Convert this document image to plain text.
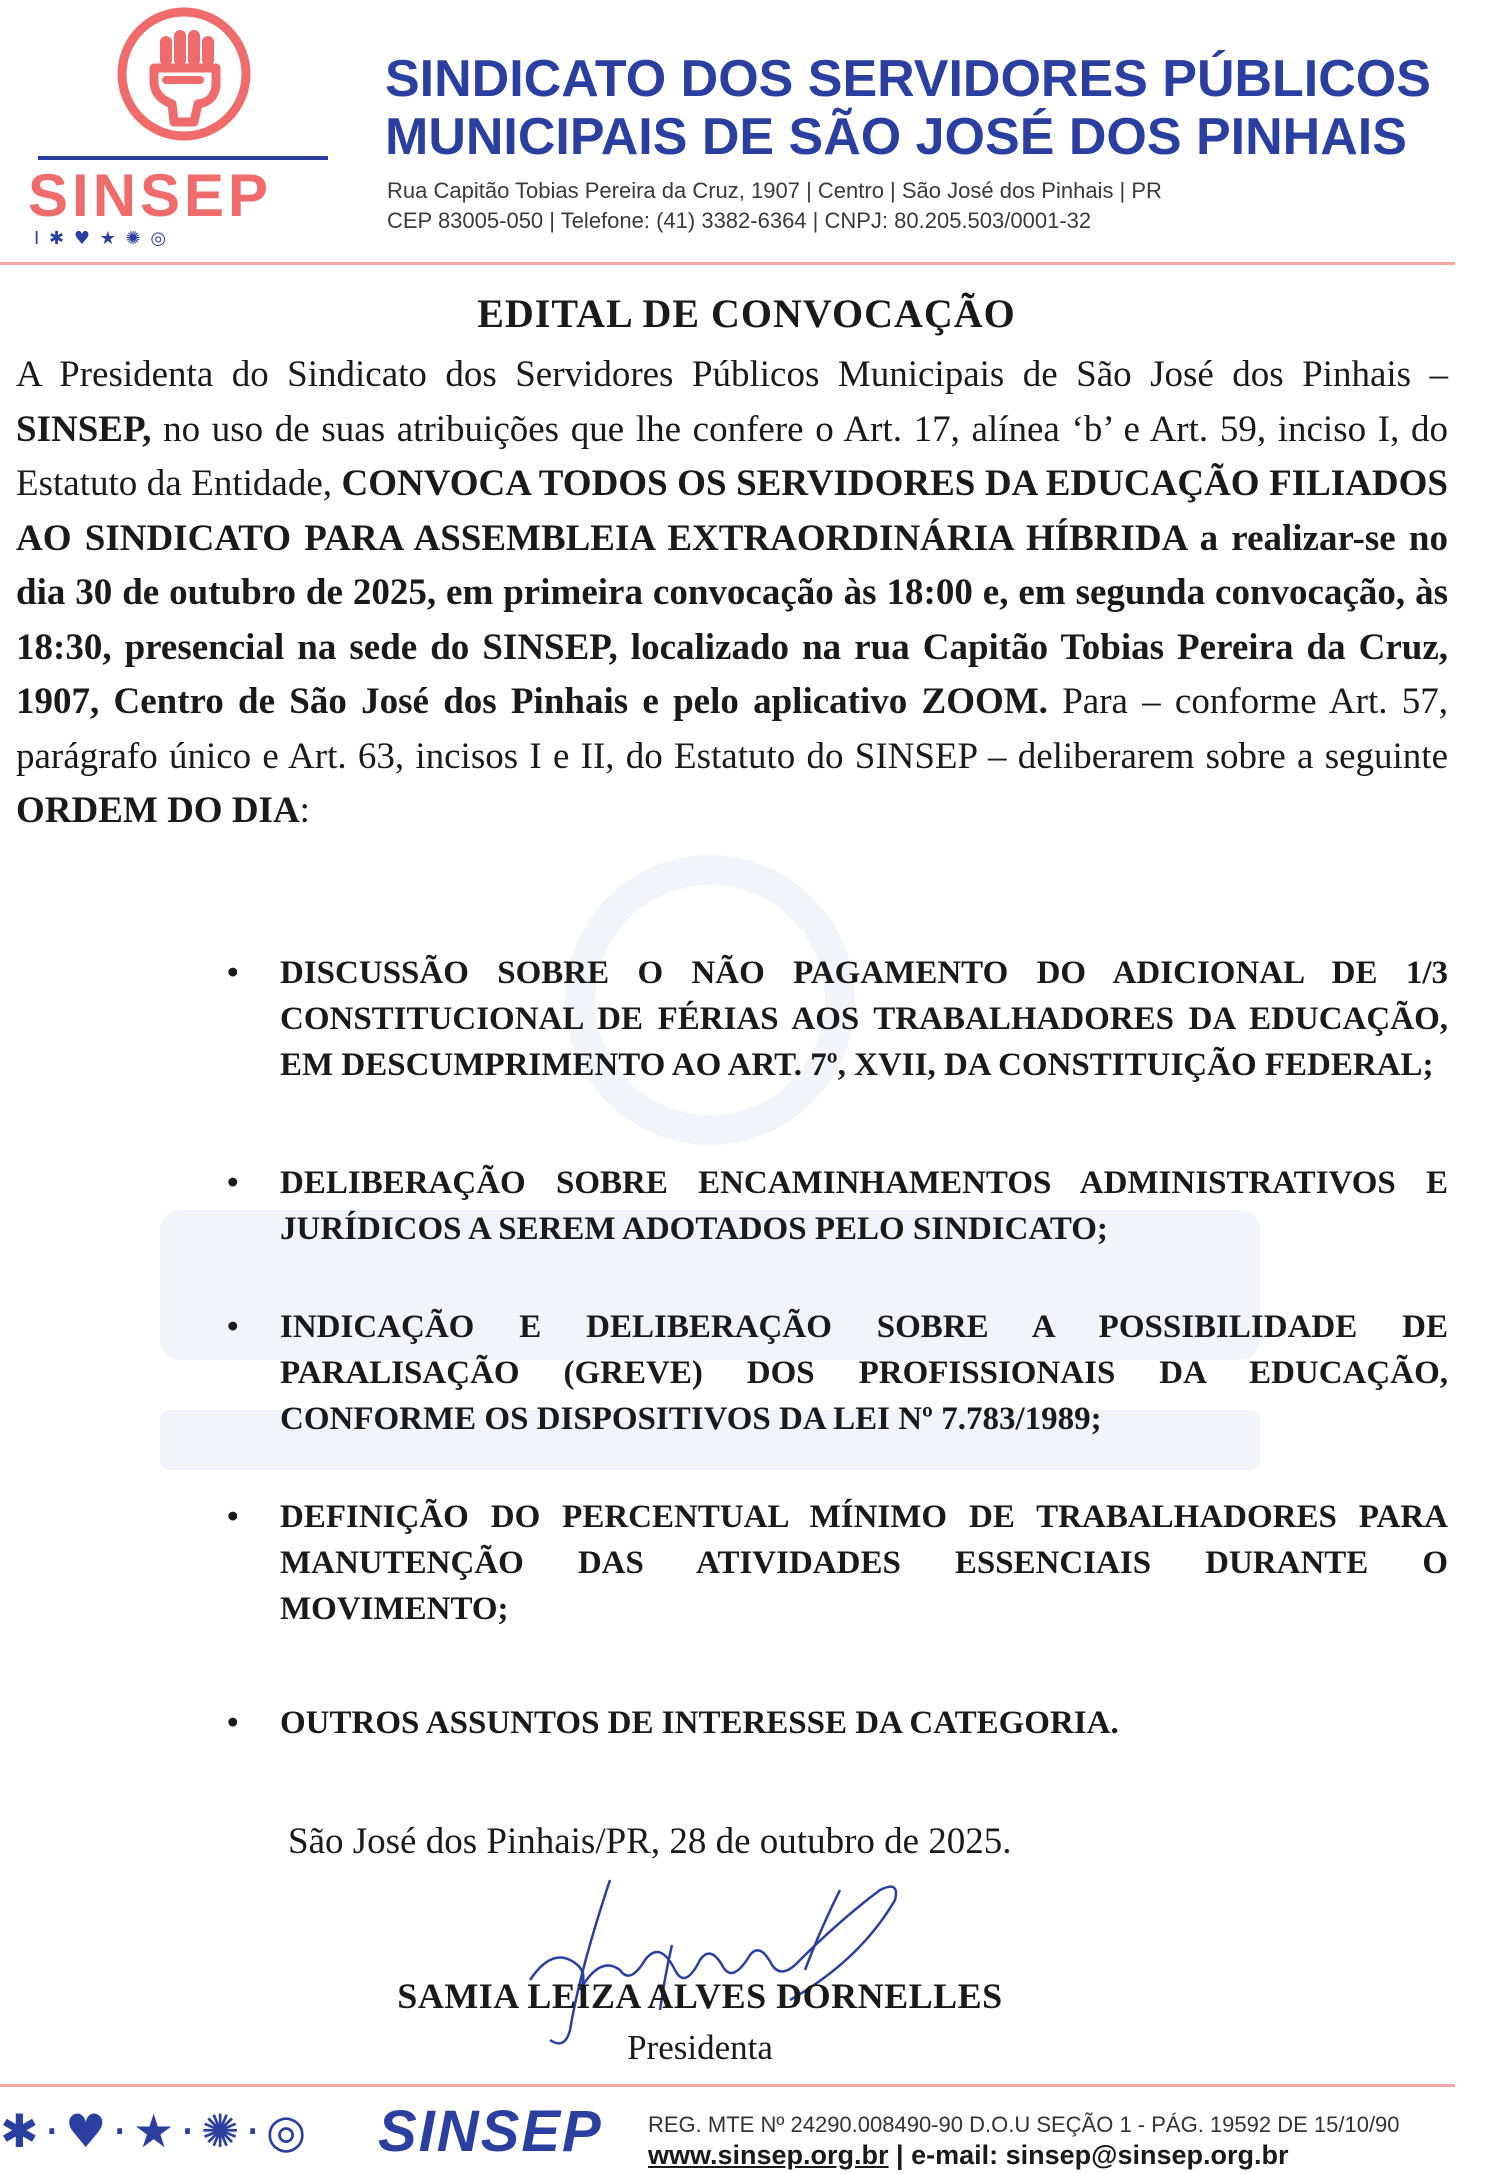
SINSEP
I ✱ ♥ ★ ✺ ◎
SINDICATO DOS SERVIDORES PÚBLICOS
MUNICIPAIS DE SÃO JOSÉ DOS PINHAIS
Rua Capitão Tobias Pereira da Cruz, 1907 | Centro | São José dos Pinhais | PR
CEP 83005-050 | Telefone: (41) 3382-6364 | CNPJ: 80.205.503/0001-32
EDITAL DE CONVOCAÇÃO
A Presidenta do Sindicato dos Servidores Públicos Municipais de São José dos Pinhais – SINSEP, no uso de suas atribuições que lhe confere o Art. 17, alínea ‘b’ e Art. 59, inciso I, do Estatuto da Entidade, CONVOCA TODOS OS SERVIDORES DA EDUCAÇÃO FILIADOS AO SINDICATO PARA ASSEMBLEIA EXTRAORDINÁRIA HÍBRIDA a realizar-se no dia 30 de outubro de 2025, em primeira convocação às 18:00 e, em segunda convocação, às 18:30, presencial na sede do SINSEP, localizado na rua Capitão Tobias Pereira da Cruz, 1907, Centro de São José dos Pinhais e pelo aplicativo ZOOM. Para – conforme Art. 57, parágrafo único e Art. 63, incisos I e II, do Estatuto do SINSEP – deliberarem sobre a seguinte ORDEM DO DIA:
• DISCUSSÃO SOBRE O NÃO PAGAMENTO DO ADICIONAL DE 1/3 CONSTITUCIONAL DE FÉRIAS AOS TRABALHADORES DA EDUCAÇÃO, EM DESCUMPRIMENTO AO ART. 7º, XVII, DA CONSTITUIÇÃO FEDERAL;
• DELIBERAÇÃO SOBRE ENCAMINHAMENTOS ADMINISTRATIVOS E JURÍDICOS A SEREM ADOTADOS PELO SINDICATO;
• INDICAÇÃO E DELIBERAÇÃO SOBRE A POSSIBILIDADE DE PARALISAÇÃO (GREVE) DOS PROFISSIONAIS DA EDUCAÇÃO, CONFORME OS DISPOSITIVOS DA LEI Nº 7.783/1989;
• DEFINIÇÃO DO PERCENTUAL MÍNIMO DE TRABALHADORES PARA MANUTENÇÃO DAS ATIVIDADES ESSENCIAIS DURANTE O MOVIMENTO;
• OUTROS ASSUNTOS DE INTERESSE DA CATEGORIA.
São José dos Pinhais/PR, 28 de outubro de 2025.
SAMIA LEIZA ALVES DORNELLES
Presidenta
✱·♥·★·✺·◎ SINSEP REG. MTE Nº 24290.008490-90 D.O.U SEÇÃO 1 - PÁG. 19592 DE 15/10/90
www.sinsep.org.br | e-mail: sinsep@sinsep.org.br
